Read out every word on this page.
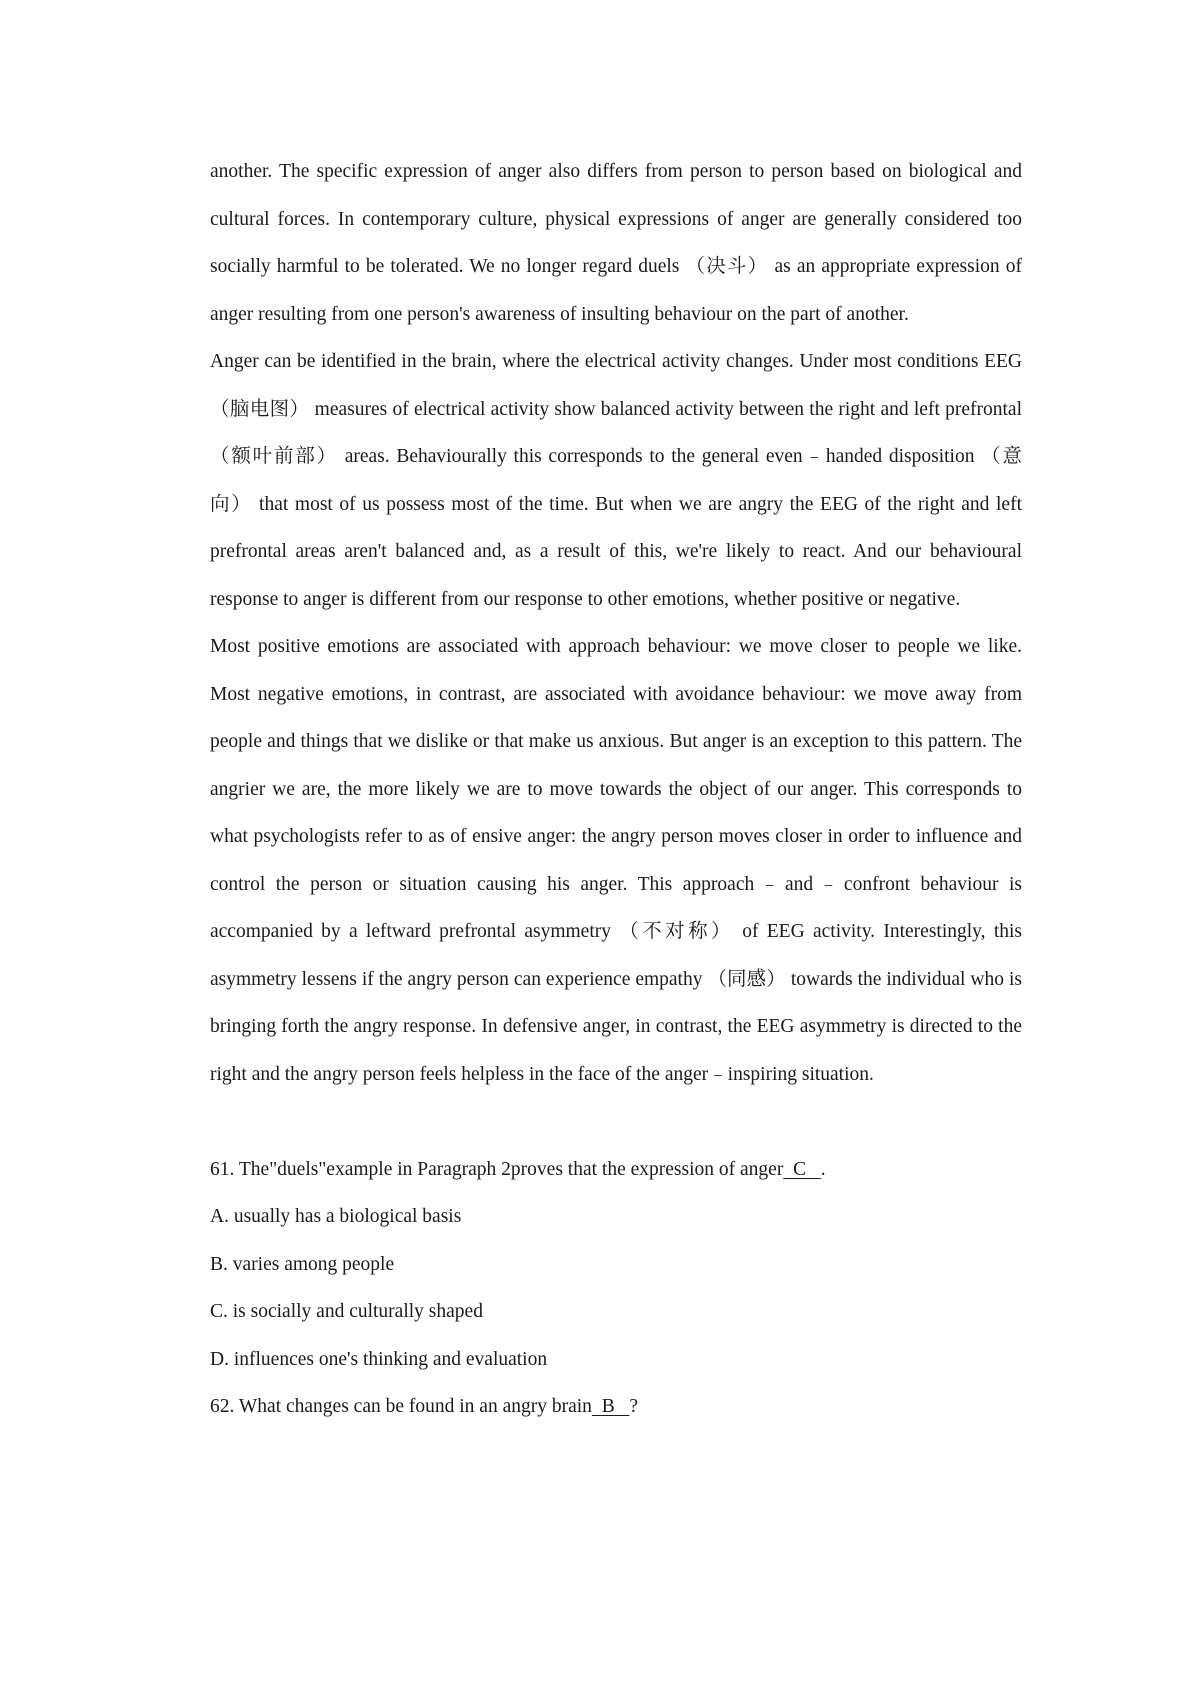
another. The specific expression of anger also differs from person to person based on biological and cultural forces. In contemporary culture, physical expressions of anger are generally considered too socially harmful to be tolerated. We no longer regard duels （决斗） as an appropriate expression of anger resulting from one person's awareness of insulting behaviour on the part of another.

Anger can be identified in the brain, where the electrical activity changes. Under most conditions EEG （脑电图） measures of electrical activity show balanced activity between the right and left prefrontal （额叶前部） areas. Behaviourally this corresponds to the general even﹣handed disposition （意向） that most of us possess most of the time. But when we are angry the EEG of the right and left prefrontal areas aren't balanced and, as a result of this, we're likely to react. And our behavioural response to anger is different from our response to other emotions, whether positive or negative.

Most positive emotions are associated with approach behaviour: we move closer to people we like. Most negative emotions, in contrast, are associated with avoidance behaviour: we move away from people and things that we dislike or that make us anxious. But anger is an exception to this pattern. The angrier we are, the more likely we are to move towards the object of our anger. This corresponds to what psychologists refer to as of ensive anger: the angry person moves closer in order to influence and control the person or situation causing his anger. This approach﹣and﹣confront behaviour is accompanied by a leftward prefrontal asymmetry （不对称） of EEG activity. Interestingly, this asymmetry lessens if the angry person can experience empathy （同感） towards the individual who is bringing forth the angry response. In defensive anger, in contrast, the EEG asymmetry is directed to the right and the angry person feels helpless in the face of the anger﹣inspiring situation.

61. The"duels"example in Paragraph 2proves that the expression of anger C .

A. usually has a biological basis

B. varies among people

C. is socially and culturally shaped

D. influences one's thinking and evaluation

62. What changes can be found in an angry brain B ?
